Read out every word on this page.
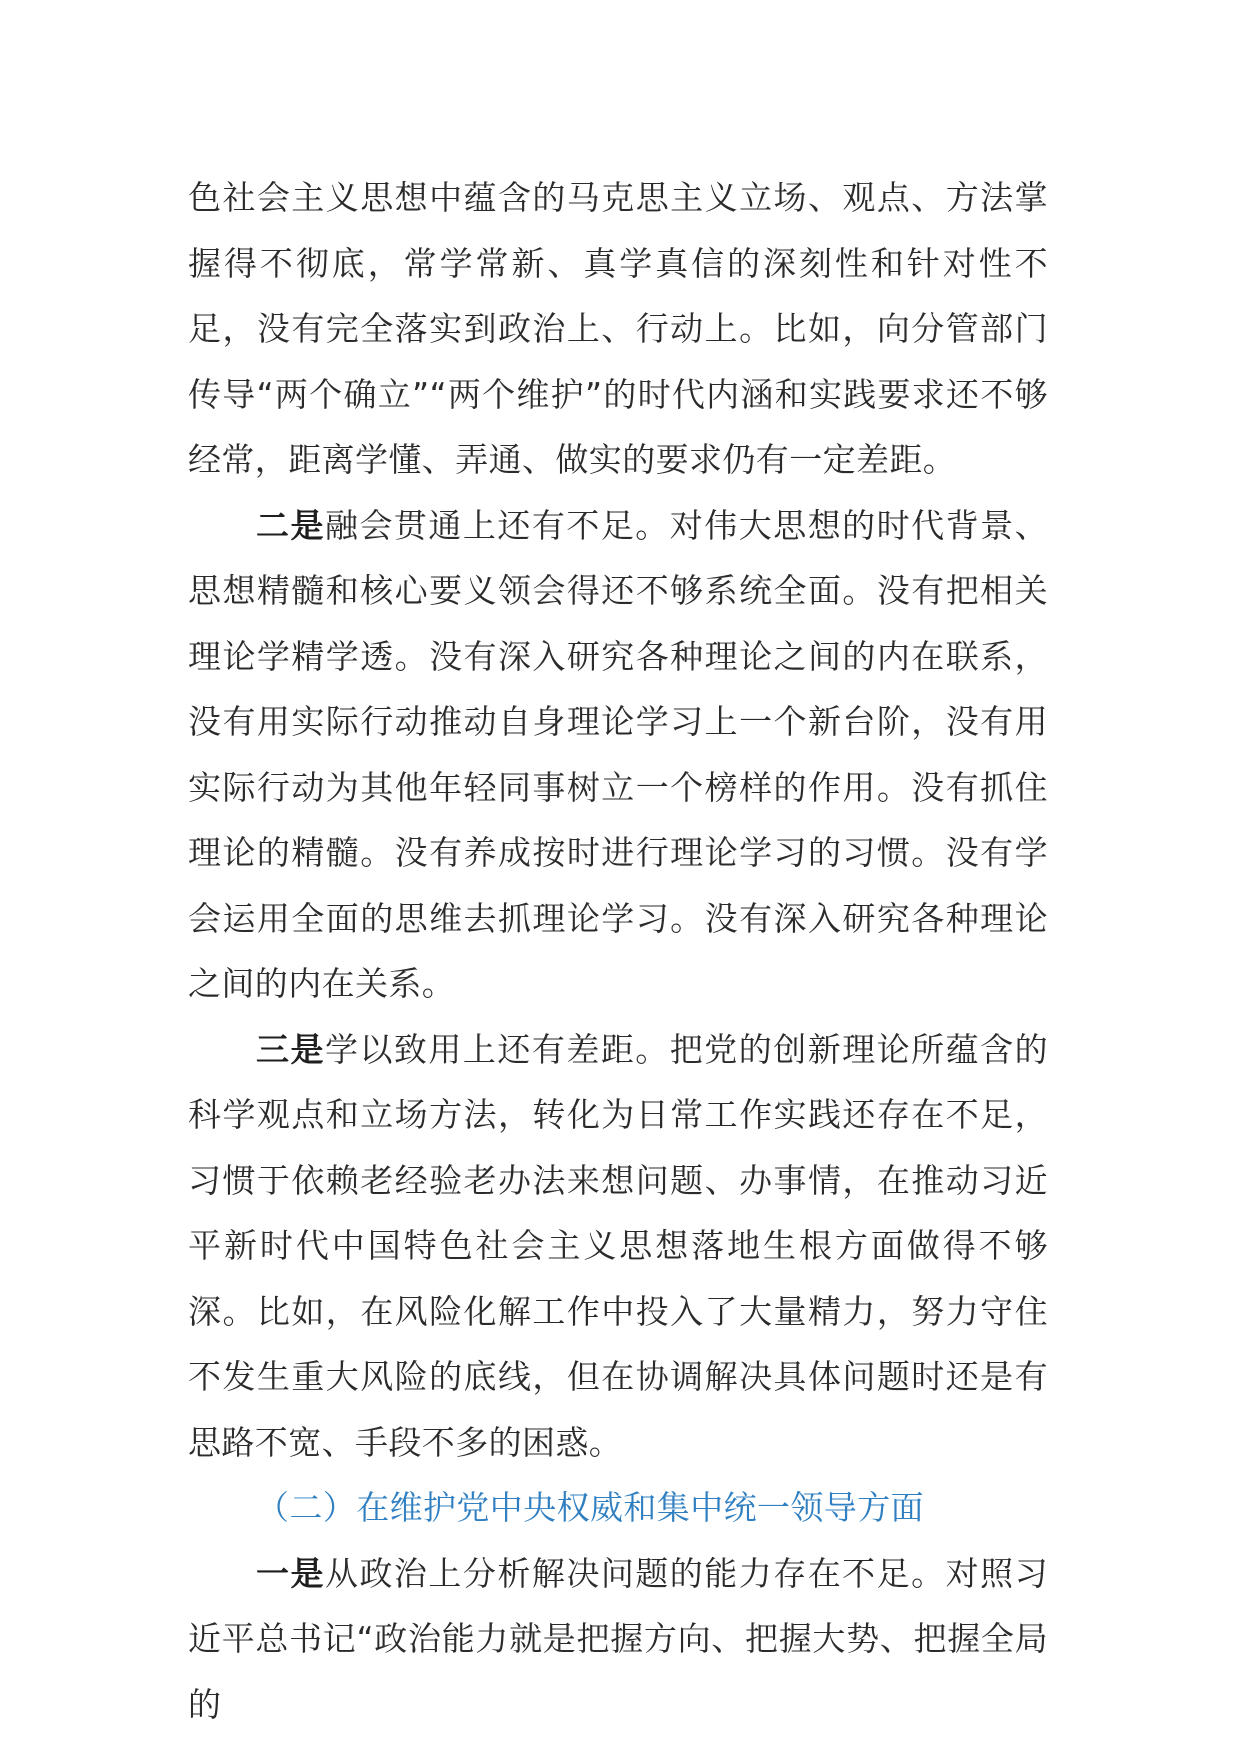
色社会主义思想中蕴含的马克思主义立场、观点、方法掌握得不彻底，常学常新、真学真信的深刻性和针对性不足，没有完全落实到政治上、行动上。比如，向分管部门传导“两个确立”“两个维护”的时代内涵和实践要求还不够经常，距离学懂、弄通、做实的要求仍有一定差距。

二是融会贯通上还有不足。对伟大思想的时代背景、思想精髓和核心要义领会得还不够系统全面。没有把相关理论学精学透。没有深入研究各种理论之间的内在联系，没有用实际行动推动自身理论学习上一个新台阶，没有用实际行动为其他年轻同事树立一个榜样的作用。没有抓住理论的精髓。没有养成按时进行理论学习的习惯。没有学会运用全面的思维去抓理论学习。没有深入研究各种理论之间的内在关系。

三是学以致用上还有差距。把党的创新理论所蕴含的科学观点和立场方法，转化为日常工作实践还存在不足，习惯于依赖老经验老办法来想问题、办事情，在推动习近平新时代中国特色社会主义思想落地生根方面做得不够深。比如，在风险化解工作中投入了大量精力，努力守住不发生重大风险的底线，但在协调解决具体问题时还是有思路不宽、手段不多的困惑。

（二）在维护党中央权威和集中统一领导方面

一是从政治上分析解决问题的能力存在不足。对照习近平总书记“政治能力就是把握方向、把握大势、把握全局的
